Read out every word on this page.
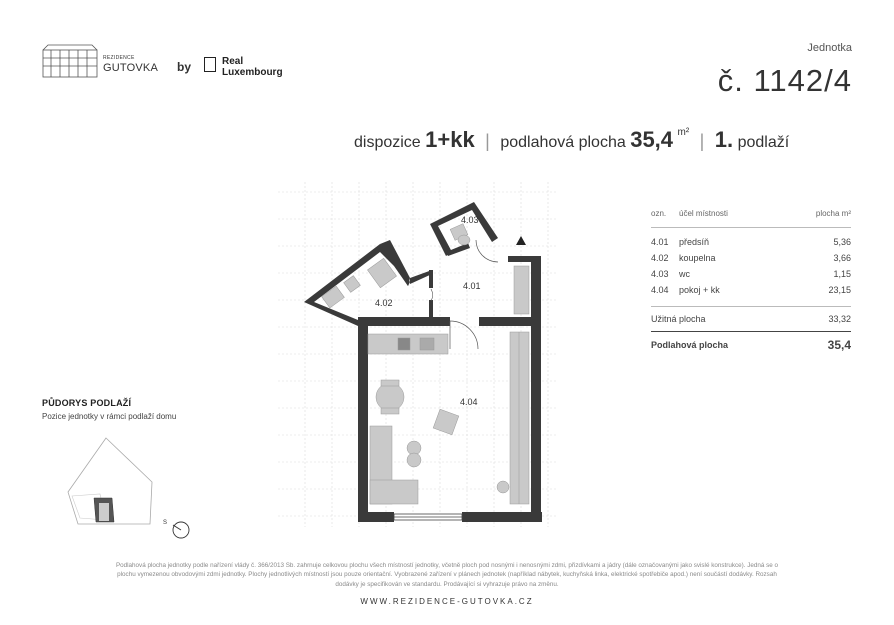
REZIDENCE
GUTOVKA by	Real
Luxembourg
Jednotka
č. 1142/4
dispozice 1+kk | podlahová plocha 35,4 $^{m^2}$ | 1. podlaží
ozn.	účel místnosti	plocha m²
4.01	předsíň	5,36
4.02	koupelna	3,66
4.03	wc	1,15
4.04	pokoj + kk	23,15
Užitná plocha	33,32
Podlahová plocha	35,4
PŮDORYS PODLAŽÍ
Pozice jednotky v rámci podlaží domu
S
4.03
4.01
4.02
4.04
Podlahová plocha jednotky podle nařízení vlády č. 366/2013 Sb. zahrnuje celkovou plochu všech místností jednotky, včetně ploch pod nosnými i nenosnými zdmi, přizdívkami a jádry (dále označovanými jako svislé konstrukce). Jedná se o
plochu vymezenou obvodovými zdmi jednotky. Plochy jednotlivých místností jsou pouze orientační. Vyobrazené zařízení v plánech jednotek (například nábytek, kuchyňská linka, elektrické spotřebiče apod.) není součástí dodávky. Rozsah
dodávky je specifikován ve standardu. Prodávající si vyhrazuje právo na změnu.
WWW.REZIDENCE-GUTOVKA.CZ
